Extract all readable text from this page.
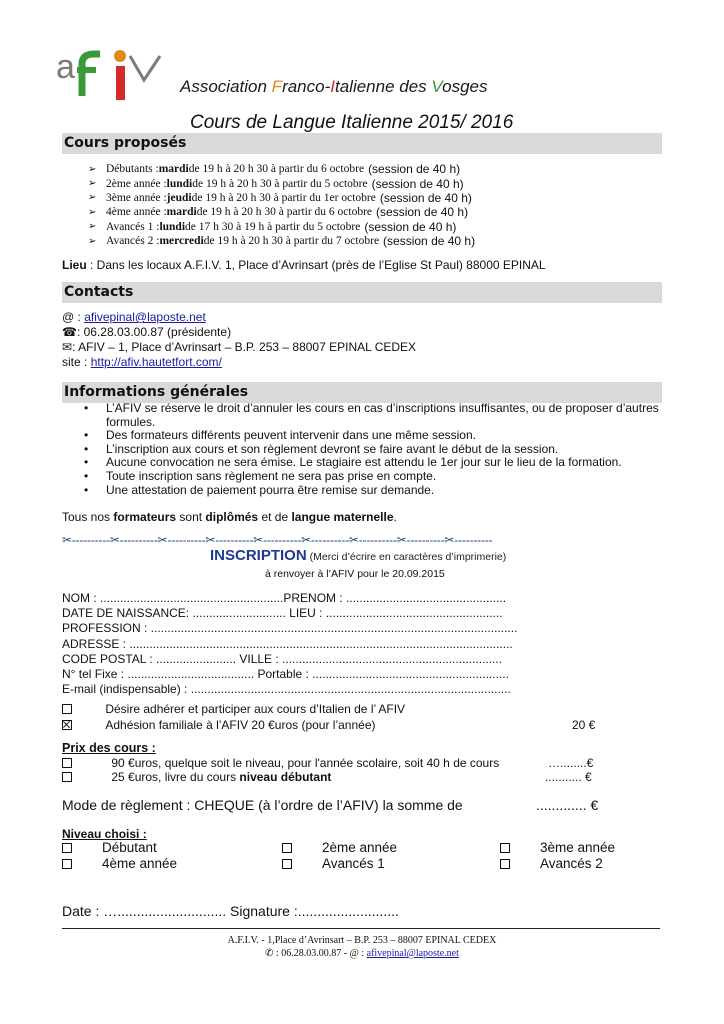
a
Association Franco-Italienne des Vosges
Cours de Langue Italienne 2015/ 2016
Cours proposés
➢ Débutants : mardi de 19 h à 20 h 30 à partir du 6 octobre (session de 40 h)
➢ 2ème année : lundi de 19 h à 20 h 30 à partir du 5 octobre (session de 40 h)
➢ 3ème année : jeudi de 19 h à 20 h 30 à partir du 1er octobre (session de 40 h)
➢ 4ème année : mardi de 19 h à 20 h 30 à partir du 6 octobre (session de 40 h)
➢ Avancés 1 : lundi de 17 h 30 à 19 h à partir du 5 octobre (session de 40 h)
➢ Avancés 2 : mercredi de 19 h à 20 h 30 à partir du 7 octobre (session de 40 h)
Lieu : Dans les locaux A.F.I.V. 1, Place d’Avrinsart (près de l’Eglise St Paul) 88000 EPINAL
Contacts
@ : afivepinal@laposte.net
☎: 06.28.03.00.87 (présidente)
✉: AFIV – 1, Place d’Avrinsart – B.P. 253 – 88007 EPINAL CEDEX
site : http://afiv.hautetfort.com/
Informations générales
•	L’AFIV se réserve le droit d’annuler les cours en cas d’inscriptions insuffisantes, ou de proposer d’autres formules.
•	Des formateurs différents peuvent intervenir dans une même session.
•	L’inscription aux cours et son règlement devront se faire avant le début de la session.
•	Aucune convocation ne sera émise. Le stagiaire est attendu le 1er jour sur le lieu de la formation.
•	Toute inscription sans règlement ne sera pas prise en compte.
•	Une attestation de paiement pourra être remise sur demande.
Tous nos formateurs sont diplômés et de langue maternelle.
✂----------✂----------✂----------✂----------✂----------✂----------✂----------✂----------✂----------
INSCRIPTION (Merci d’écrire en caractères d’imprimerie)
à renvoyer à l’AFIV pour le 20.09.2015
NOM : .......................................................PRENOM : ................................................
DATE DE NAISSANCE: ............................ LIEU : .....................................................
PROFESSION : ..............................................................................................................
ADRESSE : ...................................................................................................................
CODE POSTAL : ........................ VILLE : ..................................................................
N° tel Fixe : ...................................... Portable : ...........................................................
E-mail (indispensable) : ................................................................................................
Désire adhérer et participer aux cours d’Italien de l’ AFIV
Adhésion familiale à l’AFIV 20 €uros (pour l’année)	20 €
Prix des cours :
90 €uros, quelque soit le niveau, pour l'année scolaire, soit 40 h de cours	…........€
25 €uros, livre du cours niveau débutant	........... €
Mode de règlement : CHEQUE (à l’ordre de l’AFIV) la somme de	............. €
Niveau choisi :
Débutant	2ème année	3ème année
4ème année	Avancés 1	Avancés 2
Date : …............................ Signature :..........................
A.F.I.V. - 1,Place d’Avrinsart – B.P. 253 – 88007 EPINAL CEDEX
✆ : 06.28.03.00.87 - @ : afivepinal@laposte.net
